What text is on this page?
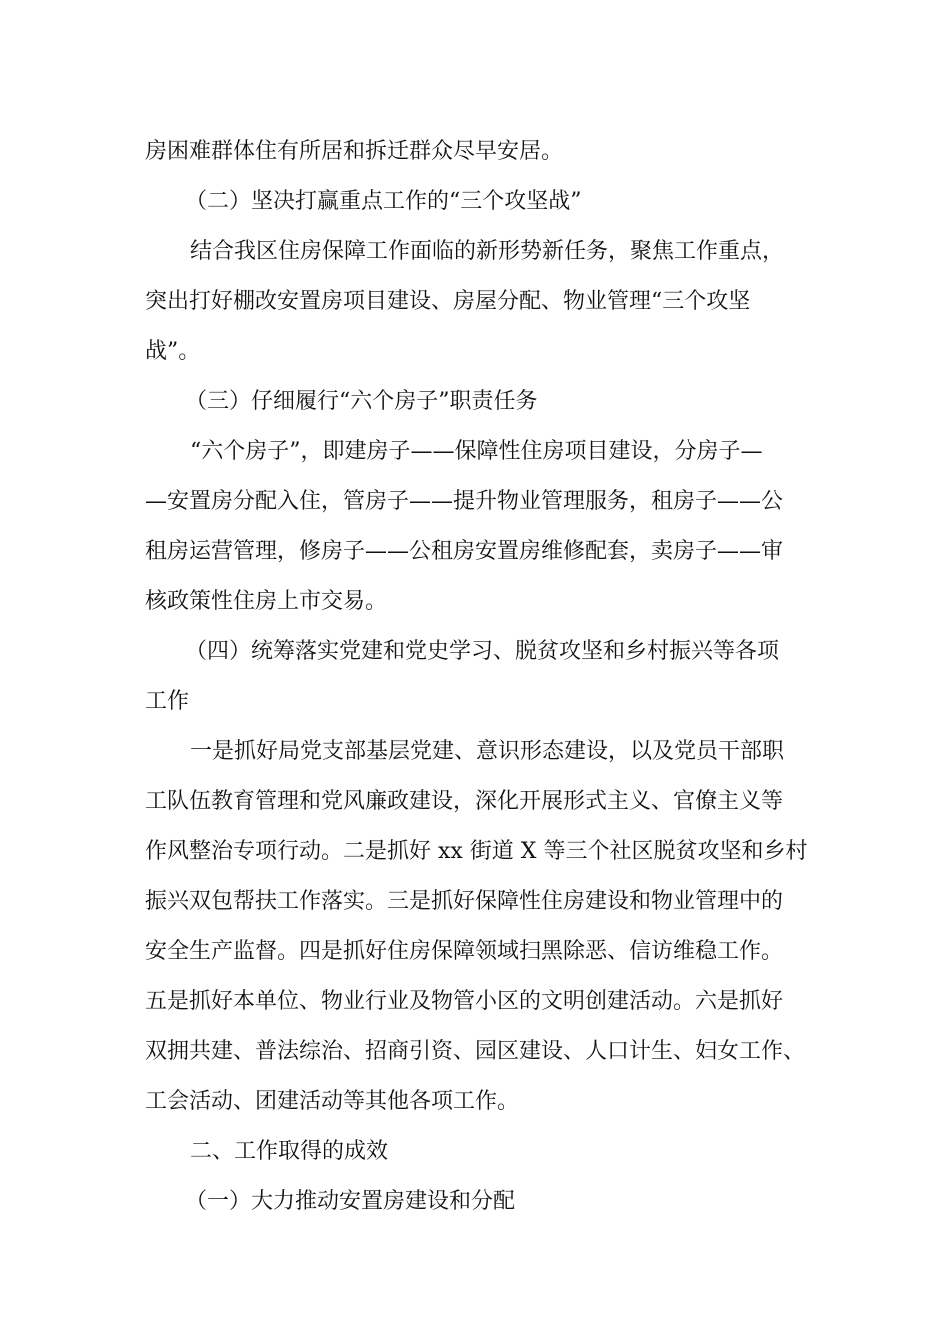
房困难群体住有所居和拆迁群众尽早安居。
（二）坚决打赢重点工作的“三个攻坚战”
结合我区住房保障工作面临的新形势新任务，聚焦工作重点，
突出打好棚改安置房项目建设、房屋分配、物业管理“三个攻坚
战”。
（三）仔细履行“六个房子”职责任务
“六个房子”，即建房子——保障性住房项目建设，分房子—
—安置房分配入住，管房子——提升物业管理服务，租房子——公
租房运营管理，修房子——公租房安置房维修配套，卖房子——审
核政策性住房上市交易。
（四）统筹落实党建和党史学习、脱贫攻坚和乡村振兴等各项
工作
一是抓好局党支部基层党建、意识形态建设，以及党员干部职
工队伍教育管理和党风廉政建设，深化开展形式主义、官僚主义等
作风整治专项行动。二是抓好 xx 街道 X 等三个社区脱贫攻坚和乡村
振兴双包帮扶工作落实。三是抓好保障性住房建设和物业管理中的
安全生产监督。四是抓好住房保障领域扫黑除恶、信访维稳工作。
五是抓好本单位、物业行业及物管小区的文明创建活动。六是抓好
双拥共建、普法综治、招商引资、园区建设、人口计生、妇女工作、
工会活动、团建活动等其他各项工作。
二、工作取得的成效
（一）大力推动安置房建设和分配
